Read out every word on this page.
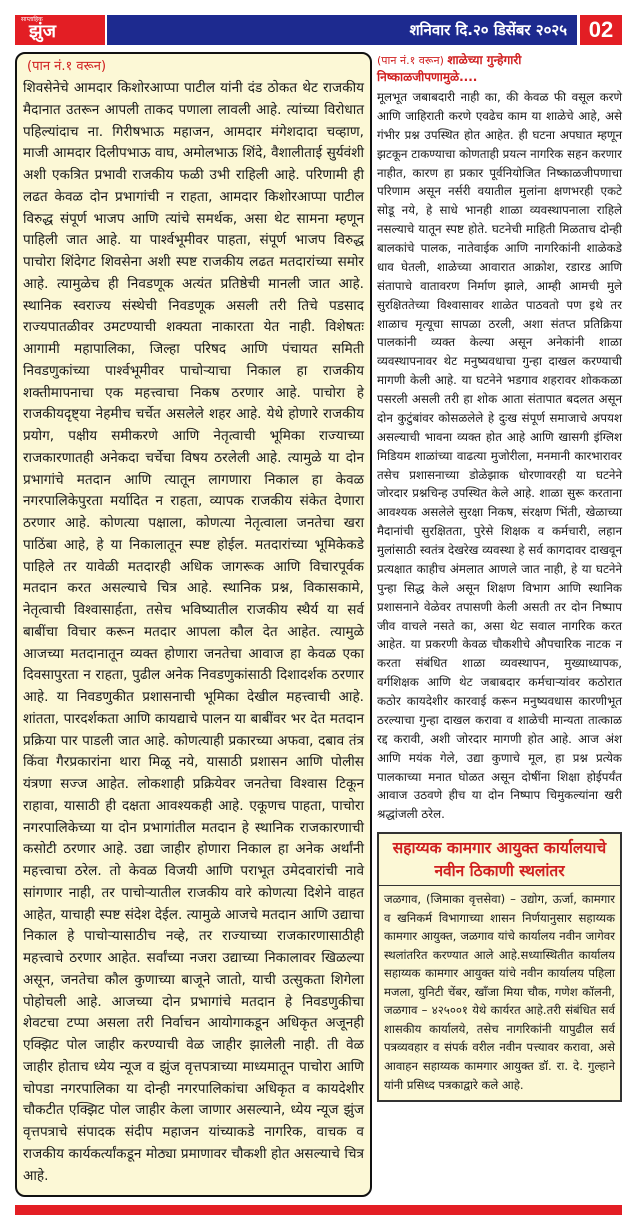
साप्ताहिक
झुंज	शनिवार दि.२० डिसेंबर २०२५ 02
(पान नं.१ वरून)

शिवसेनेचे आमदार किशोरआप्पा पाटील यांनी दंड ठोकत थेट राजकीय मैदानात उतरून आपली ताकद पणाला लावली आहे. त्यांच्या विरोधात पहिल्यांदाच ना. गिरीषभाऊ महाजन, आमदार मंगेशदादा चव्हाण, माजी आमदार दिलीपभाऊ वाघ, अमोलभाऊ शिंदे, वैशालीताई सुर्यवंशी अशी एकत्रित प्रभावी राजकीय फळी उभी राहिली आहे. परिणामी ही लढत केवळ दोन प्रभागांची न राहता, आमदार किशोरआप्पा पाटील विरुद्ध संपूर्ण भाजप आणि त्यांचे समर्थक, असा थेट सामना म्हणून पाहिली जात आहे. या पार्श्वभूमीवर पाहता, संपूर्ण भाजप विरुद्ध पाचोरा शिंदेगट शिवसेना अशी स्पष्ट राजकीय लढत मतदारांच्या समोर आहे. त्यामुळेच ही निवडणूक अत्यंत प्रतिष्ठेची मानली जात आहे. स्थानिक स्वराज्य संस्थेची निवडणूक असली तरी तिचे पडसाद राज्यपातळीवर उमटण्याची शक्यता नाकारता येत नाही. विशेषतः आगामी महापालिका, जिल्हा परिषद आणि पंचायत समिती निवडणुकांच्या पार्श्वभूमीवर पाचोऱ्याचा निकाल हा राजकीय शक्तीमापनाचा एक महत्त्वाचा निकष ठरणार आहे. पाचोरा हे राजकीयदृष्ट्या नेहमीच चर्चेत असलेले शहर आहे. येथे होणारे राजकीय प्रयोग, पक्षीय समीकरणे आणि नेतृत्वाची भूमिका राज्याच्या राजकारणातही अनेकदा चर्चेचा विषय ठरलेली आहे. त्यामुळे या दोन प्रभागांचे मतदान आणि त्यातून लागणारा निकाल हा केवळ नगरपालिकेपुरता मर्यादित न राहता, व्यापक राजकीय संकेत देणारा ठरणार आहे. कोणत्या पक्षाला, कोणत्या नेतृत्वाला जनतेचा खरा पाठिंबा आहे, हे या निकालातून स्पष्ट होईल. मतदारांच्या भूमिकेकडे पाहिले तर यावेळी मतदारही अधिक जागरूक आणि विचारपूर्वक मतदान करत असल्याचे चित्र आहे. स्थानिक प्रश्न, विकासकामे, नेतृत्वाची विश्वासार्हता, तसेच भविष्यातील राजकीय स्थैर्य या सर्व बाबींचा विचार करून मतदार आपला कौल देत आहेत. त्यामुळे आजच्या मतदानातून व्यक्त होणारा जनतेचा आवाज हा केवळ एका दिवसापुरता न राहता, पुढील अनेक निवडणुकांसाठी दिशादर्शक ठरणार आहे. या निवडणुकीत प्रशासनाची भूमिका देखील महत्त्वाची आहे. शांतता, पारदर्शकता आणि कायद्याचे पालन या बाबींवर भर देत मतदान प्रक्रिया पार पाडली जात आहे. कोणत्याही प्रकारच्या अफवा, दबाव तंत्र किंवा गैरप्रकारांना थारा मिळू नये, यासाठी प्रशासन आणि पोलीस यंत्रणा सज्ज आहेत. लोकशाही प्रक्रियेवर जनतेचा विश्वास टिकून राहावा, यासाठी ही दक्षता आवश्यकही आहे. एकूणच पाहता, पाचोरा नगरपालिकेच्या या दोन प्रभागांतील मतदान हे स्थानिक राजकारणाची कसोटी ठरणार आहे. उद्या जाहीर होणारा निकाल हा अनेक अर्थांनी महत्त्वाचा ठरेल. तो केवळ विजयी आणि पराभूत उमेदवारांची नावे सांगणार नाही, तर पाचोऱ्यातील राजकीय वारे कोणत्या दिशेने वाहत आहेत, याचाही स्पष्ट संदेश देईल. त्यामुळे आजचे मतदान आणि उद्याचा निकाल हे पाचोऱ्यासाठीच नव्हे, तर राज्याच्या राजकारणासाठीही महत्त्वाचे ठरणार आहेत. सर्वांच्या नजरा उद्याच्या निकालावर खिळल्या असून, जनतेचा कौल कुणाच्या बाजूने जातो, याची उत्सुकता शिगेला पोहोचली आहे. आजच्या दोन प्रभागांचे मतदान हे निवडणुकीचा शेवटचा टप्पा असला तरी निर्वाचन आयोगाकडून अधिकृत अजूनही एक्झिट पोल जाहीर करण्याची वेळ जाहीर झालेली नाही. ती वेळ जाहीर होताच ध्येय न्यूज व झुंज वृत्तपत्राच्या माध्यमातून पाचोरा आणि चोपडा नगरपालिका या दोन्ही नगरपालिकांचा अधिकृत व कायदेशीर चौकटीत एक्झिट पोल जाहीर केला जाणार असल्याने, ध्येय न्यूज झुंज वृत्तपत्राचे संपादक संदीप महाजन यांच्याकडे नागरिक, वाचक व राजकीय कार्यकर्त्यांकडून मोठ्या प्रमाणावर चौकशी होत असल्याचे चित्र आहे.

(पान नं.१ वरून) शाळेच्या गुन्हेगारी निष्काळजीपणामुळे....

मूलभूत जबाबदारी नाही का, की केवळ फी वसूल करणे आणि जाहिराती करणे एवढेच काम या शाळेचे आहे, असे गंभीर प्रश्न उपस्थित होत आहेत. ही घटना अपघात म्हणून झटकून टाकण्याचा कोणताही प्रयत्न नागरिक सहन करणार नाहीत, कारण हा प्रकार पूर्वनियोजित निष्काळजीपणाचा परिणाम असून नर्सरी वयातील मुलांना क्षणभरही एकटे सोडू नये, हे साधे भानही शाळा व्यवस्थापनाला राहिले नसल्याचे यातून स्पष्ट होते. घटनेची माहिती मिळताच दोन्ही बालकांचे पालक, नातेवाईक आणि नागरिकांनी शाळेकडे धाव घेतली, शाळेच्या आवारात आक्रोश, रडारड आणि संतापाचे वातावरण निर्माण झाले, आम्ही आमची मुले सुरक्षिततेच्या विश्वासावर शाळेत पाठवतो पण इथे तर शाळाच मृत्यूचा सापळा ठरली, अशा संतप्त प्रतिक्रिया पालकांनी व्यक्त केल्या असून अनेकांनी शाळा व्यवस्थापनावर थेट मनुष्यवधाचा गुन्हा दाखल करण्याची मागणी केली आहे. या घटनेने भडगाव शहरावर शोककळा पसरली असली तरी हा शोक आता संतापात बदलत असून दोन कुटुंबांवर कोसळलेले हे दुःख संपूर्ण समाजाचे अपयश असल्याची भावना व्यक्त होत आहे आणि खासगी इंग्लिश मिडियम शाळांच्या वाढत्या मुजोरीला, मनमानी कारभारावर तसेच प्रशासनाच्या डोळेझाक धोरणावरही या घटनेने जोरदार प्रश्नचिन्ह उपस्थित केले आहे. शाळा सुरू करताना आवश्यक असलेले सुरक्षा निकष, संरक्षण भिंती, खेळाच्या मैदानांची सुरक्षितता, पुरेसे शिक्षक व कर्मचारी, लहान मुलांसाठी स्वतंत्र देखरेख व्यवस्था हे सर्व कागदावर दाखवून प्रत्यक्षात काहीच अंमलात आणले जात नाही, हे या घटनेने पुन्हा सिद्ध केले असून शिक्षण विभाग आणि स्थानिक प्रशासनाने वेळेवर तपासणी केली असती तर दोन निष्पाप जीव वाचले नसते का, असा थेट सवाल नागरिक करत आहेत. या प्रकरणी केवळ चौकशीचे औपचारिक नाटक न करता संबंधित शाळा व्यवस्थापन, मुख्याध्यापक, वर्गशिक्षक आणि थेट जबाबदार कर्मचाऱ्यांवर कठोरात कठोर कायदेशीर कारवाई करून मनुष्यवधास कारणीभूत ठरल्याचा गुन्हा दाखल करावा व शाळेची मान्यता तात्काळ रद्द करावी, अशी जोरदार मागणी होत आहे. आज अंश आणि मयंक गेले, उद्या कुणाचे मूल, हा प्रश्न प्रत्येक पालकाच्या मनात घोळत असून दोषींना शिक्षा होईपर्यंत आवाज उठवणे हीच या दोन निष्पाप चिमुकल्यांना खरी श्रद्धांजली ठरेल.

सहाय्यक कामगार आयुक्त कार्यालयाचे नवीन ठिकाणी स्थलांतर

जळगाव, (जिमाका वृत्तसेवा) – उद्योग, ऊर्जा, कामगार व खनिकर्म विभागाच्या शासन निर्णयानुसार सहाय्यक कामगार आयुक्त, जळगाव यांचे कार्यालय नवीन जागेवर स्थलांतरित करण्यात आले आहे.सध्यास्थितीत कार्यालय सहाय्यक कामगार आयुक्त यांचे नवीन कार्यालय पहिला मजला, युनिटी चेंबर, खाँजा मिया चौक, गणेश कॉलनी, जळगाव – ४२५००१ येथे कार्यरत आहे.तरी संबंधित सर्व शासकीय कार्यालये, तसेच नागरिकांनी यापुढील सर्व पत्रव्यवहार व संपर्क वरील नवीन पत्त्यावर करावा, असे आवाहन सहाय्यक कामगार आयुक्त डॉ. रा. दे. गुल्हाने यांनी प्रसिध्द पत्रकाद्वारे कले आहे.
